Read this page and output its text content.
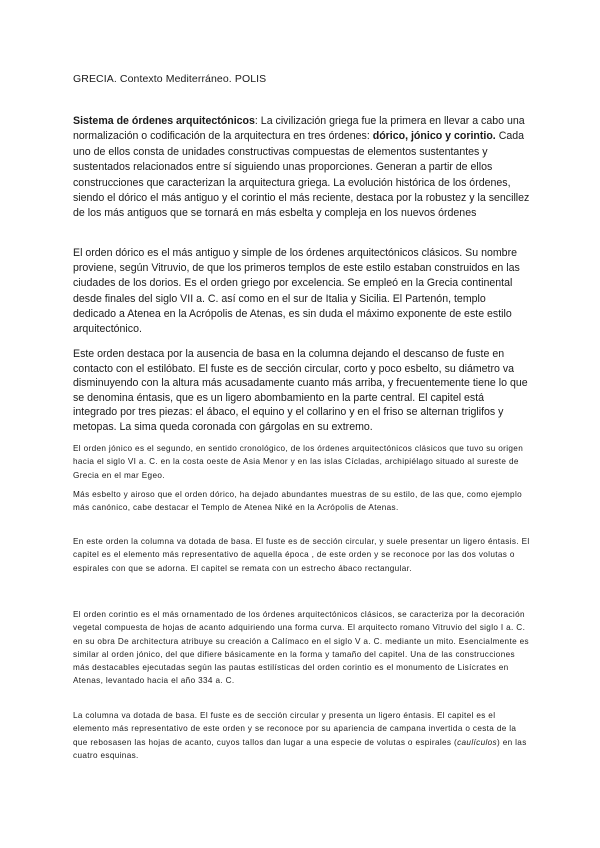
GRECIA. Contexto Mediterráneo. POLIS

Sistema de órdenes arquitectónicos: La civilización griega fue la primera en llevar a cabo una normalización o codificación de la arquitectura en tres órdenes: dórico, jónico y corintio. Cada uno de ellos consta de unidades constructivas compuestas de elementos sustentantes y sustentados relacionados entre sí siguiendo unas proporciones. Generan a partir de ellos construcciones que caracterizan la arquitectura griega. La evolución histórica de los órdenes, siendo el dórico el más antiguo y el corintio el más reciente, destaca por la robustez y la sencillez de los más antiguos que se tornará en más esbelta y compleja en los nuevos órdenes

El orden dórico es el más antiguo y simple de los órdenes arquitectónicos clásicos. Su nombre proviene, según Vitruvio, de que los primeros templos de este estilo estaban construidos en las ciudades de los dorios. Es el orden griego por excelencia. Se empleó en la Grecia continental desde finales del siglo VII a. C. así como en el sur de Italia y Sicilia. El Partenón, templo dedicado a Atenea en la Acrópolis de Atenas, es sin duda el máximo exponente de este estilo arquitectónico.

Este orden destaca por la ausencia de basa en la columna dejando el descanso de fuste en contacto con el estilóbato. El fuste es de sección circular, corto y poco esbelto, su diámetro va disminuyendo con la altura más acusadamente cuanto más arriba, y frecuentemente tiene lo que se denomina éntasis, que es un ligero abombamiento en la parte central. El capitel está integrado por tres piezas: el ábaco, el equino y el collarino y en el friso se alternan triglifos y metopas. La sima queda coronada con gárgolas en su extremo.

El orden jónico es el segundo, en sentido cronológico, de los órdenes arquitectónicos clásicos que tuvo su origen hacia el siglo VI a. C. en la costa oeste de Asia Menor y en las islas Cícladas, archipiélago situado al sureste de Grecia en el mar Egeo.

Más esbelto y airoso que el orden dórico, ha dejado abundantes muestras de su estilo, de las que, como ejemplo más canónico, cabe destacar el Templo de Atenea Niké en la Acrópolis de Atenas.

En este orden la columna va dotada de basa. El fuste es de sección circular, y suele presentar un ligero éntasis. El capitel es el elemento más representativo de aquella época , de este orden y se reconoce por las dos volutas o espirales con que se adorna. El capitel se remata con un estrecho ábaco rectangular.

El orden corintio es el más ornamentado de los órdenes arquitectónicos clásicos, se caracteriza por la decoración vegetal compuesta de hojas de acanto adquiriendo una forma curva. El arquitecto romano Vitruvio del siglo I a. C. en su obra De architectura atribuye su creación a Calímaco en el siglo V a. C. mediante un mito. Esencialmente es similar al orden jónico, del que difiere básicamente en la forma y tamaño del capitel. Una de las construcciones más destacables ejecutadas según las pautas estilísticas del orden corintio es el monumento de Lisícrates en Atenas, levantado hacia el año 334 a. C.

La columna va dotada de basa. El fuste es de sección circular y presenta un ligero éntasis. El capitel es el elemento más representativo de este orden y se reconoce por su apariencia de campana invertida o cesta de la que rebosasen las hojas de acanto, cuyos tallos dan lugar a una especie de volutas o espirales (caulículos) en las cuatro esquinas.
